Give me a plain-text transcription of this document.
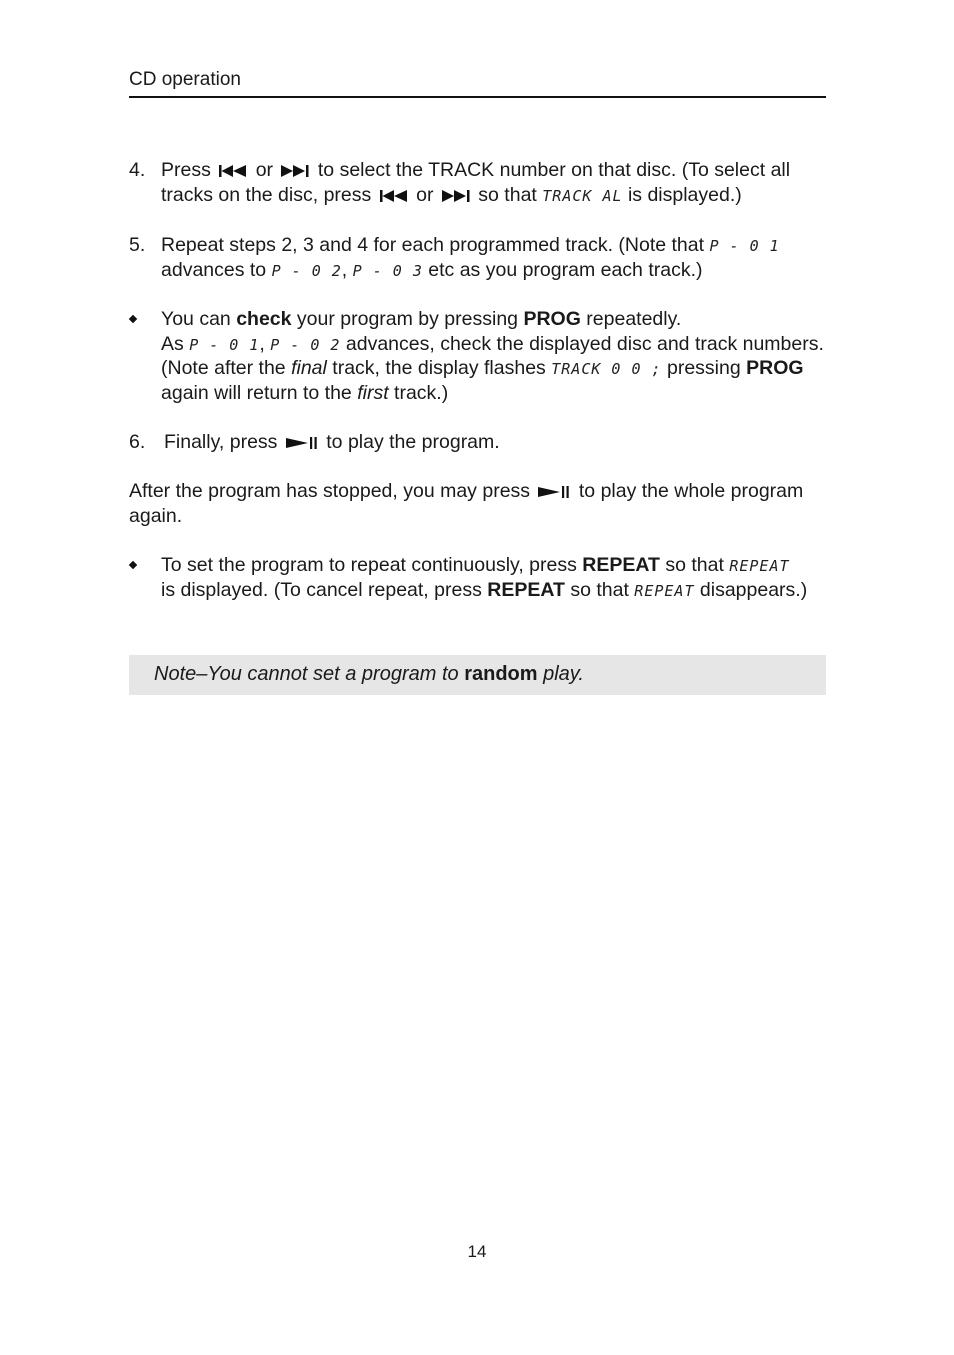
CD operation
4. Press or to select the TRACK number on that disc. (To select all
tracks on the disc, press or so that TRACK AL is displayed.)
5. Repeat steps 2, 3 and 4 for each programmed track. (Note that P - 0 1
advances to P - 0 2, P - 0 3 etc as you program each track.)
You can check your program by pressing PROG repeatedly.
As P - 0 1, P - 0 2 advances, check the displayed disc and track numbers.
(Note after the final track, the display flashes TRACK 0 0 ; pressing PROG
again will return to the first track.)
6. Finally, press	to play the program.
After the program has stopped, you may press	to play the whole program
again.
To set the program to repeat continuously, press REPEAT so that REPEAT
is displayed. (To cancel repeat, press REPEAT so that REPEAT disappears.)
Note–You cannot set a program to random play.
14
